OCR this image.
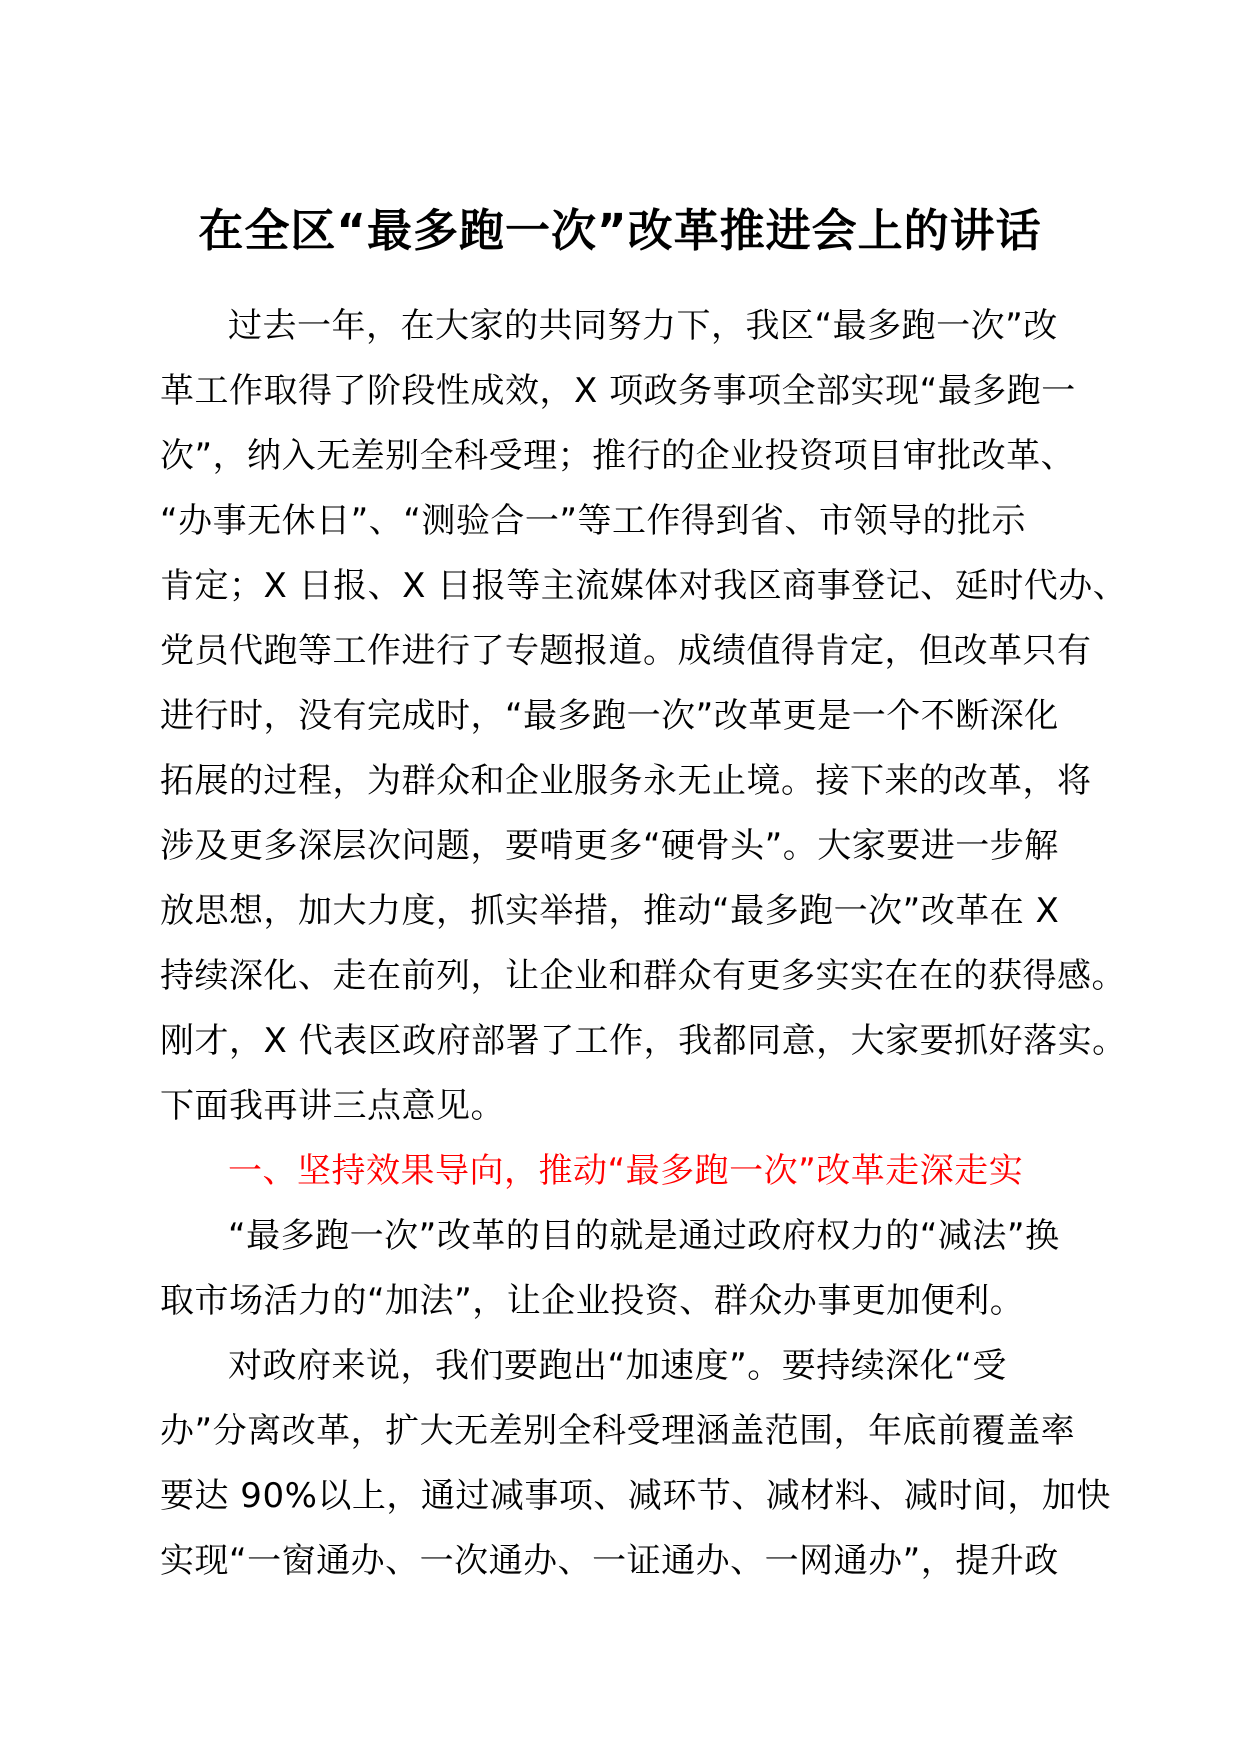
在全区“最多跑一次”改革推进会上的讲话
过去一年，在大家的共同努力下，我区“最多跑一次”改
革工作取得了阶段性成效，X 项政务事项全部实现“最多跑一
次”，纳入无差别全科受理；推行的企业投资项目审批改革、
“办事无休日”、“测验合一”等工作得到省、市领导的批示
肯定；X 日报、X 日报等主流媒体对我区商事登记、延时代办、
党员代跑等工作进行了专题报道。成绩值得肯定，但改革只有
进行时，没有完成时，“最多跑一次”改革更是一个不断深化
拓展的过程，为群众和企业服务永无止境。接下来的改革，将
涉及更多深层次问题，要啃更多“硬骨头”。大家要进一步解
放思想，加大力度，抓实举措，推动“最多跑一次”改革在 X
持续深化、走在前列，让企业和群众有更多实实在在的获得感。
刚才，X 代表区政府部署了工作，我都同意，大家要抓好落实。
下面我再讲三点意见。
一、坚持效果导向，推动“最多跑一次”改革走深走实
“最多跑一次”改革的目的就是通过政府权力的“减法”换
取市场活力的“加法”，让企业投资、群众办事更加便利。
对政府来说，我们要跑出“加速度”。要持续深化“受
办”分离改革，扩大无差别全科受理涵盖范围，年底前覆盖率
要达 90%以上，通过减事项、减环节、减材料、减时间，加快
实现“一窗通办、一次通办、一证通办、一网通办”，提升政
